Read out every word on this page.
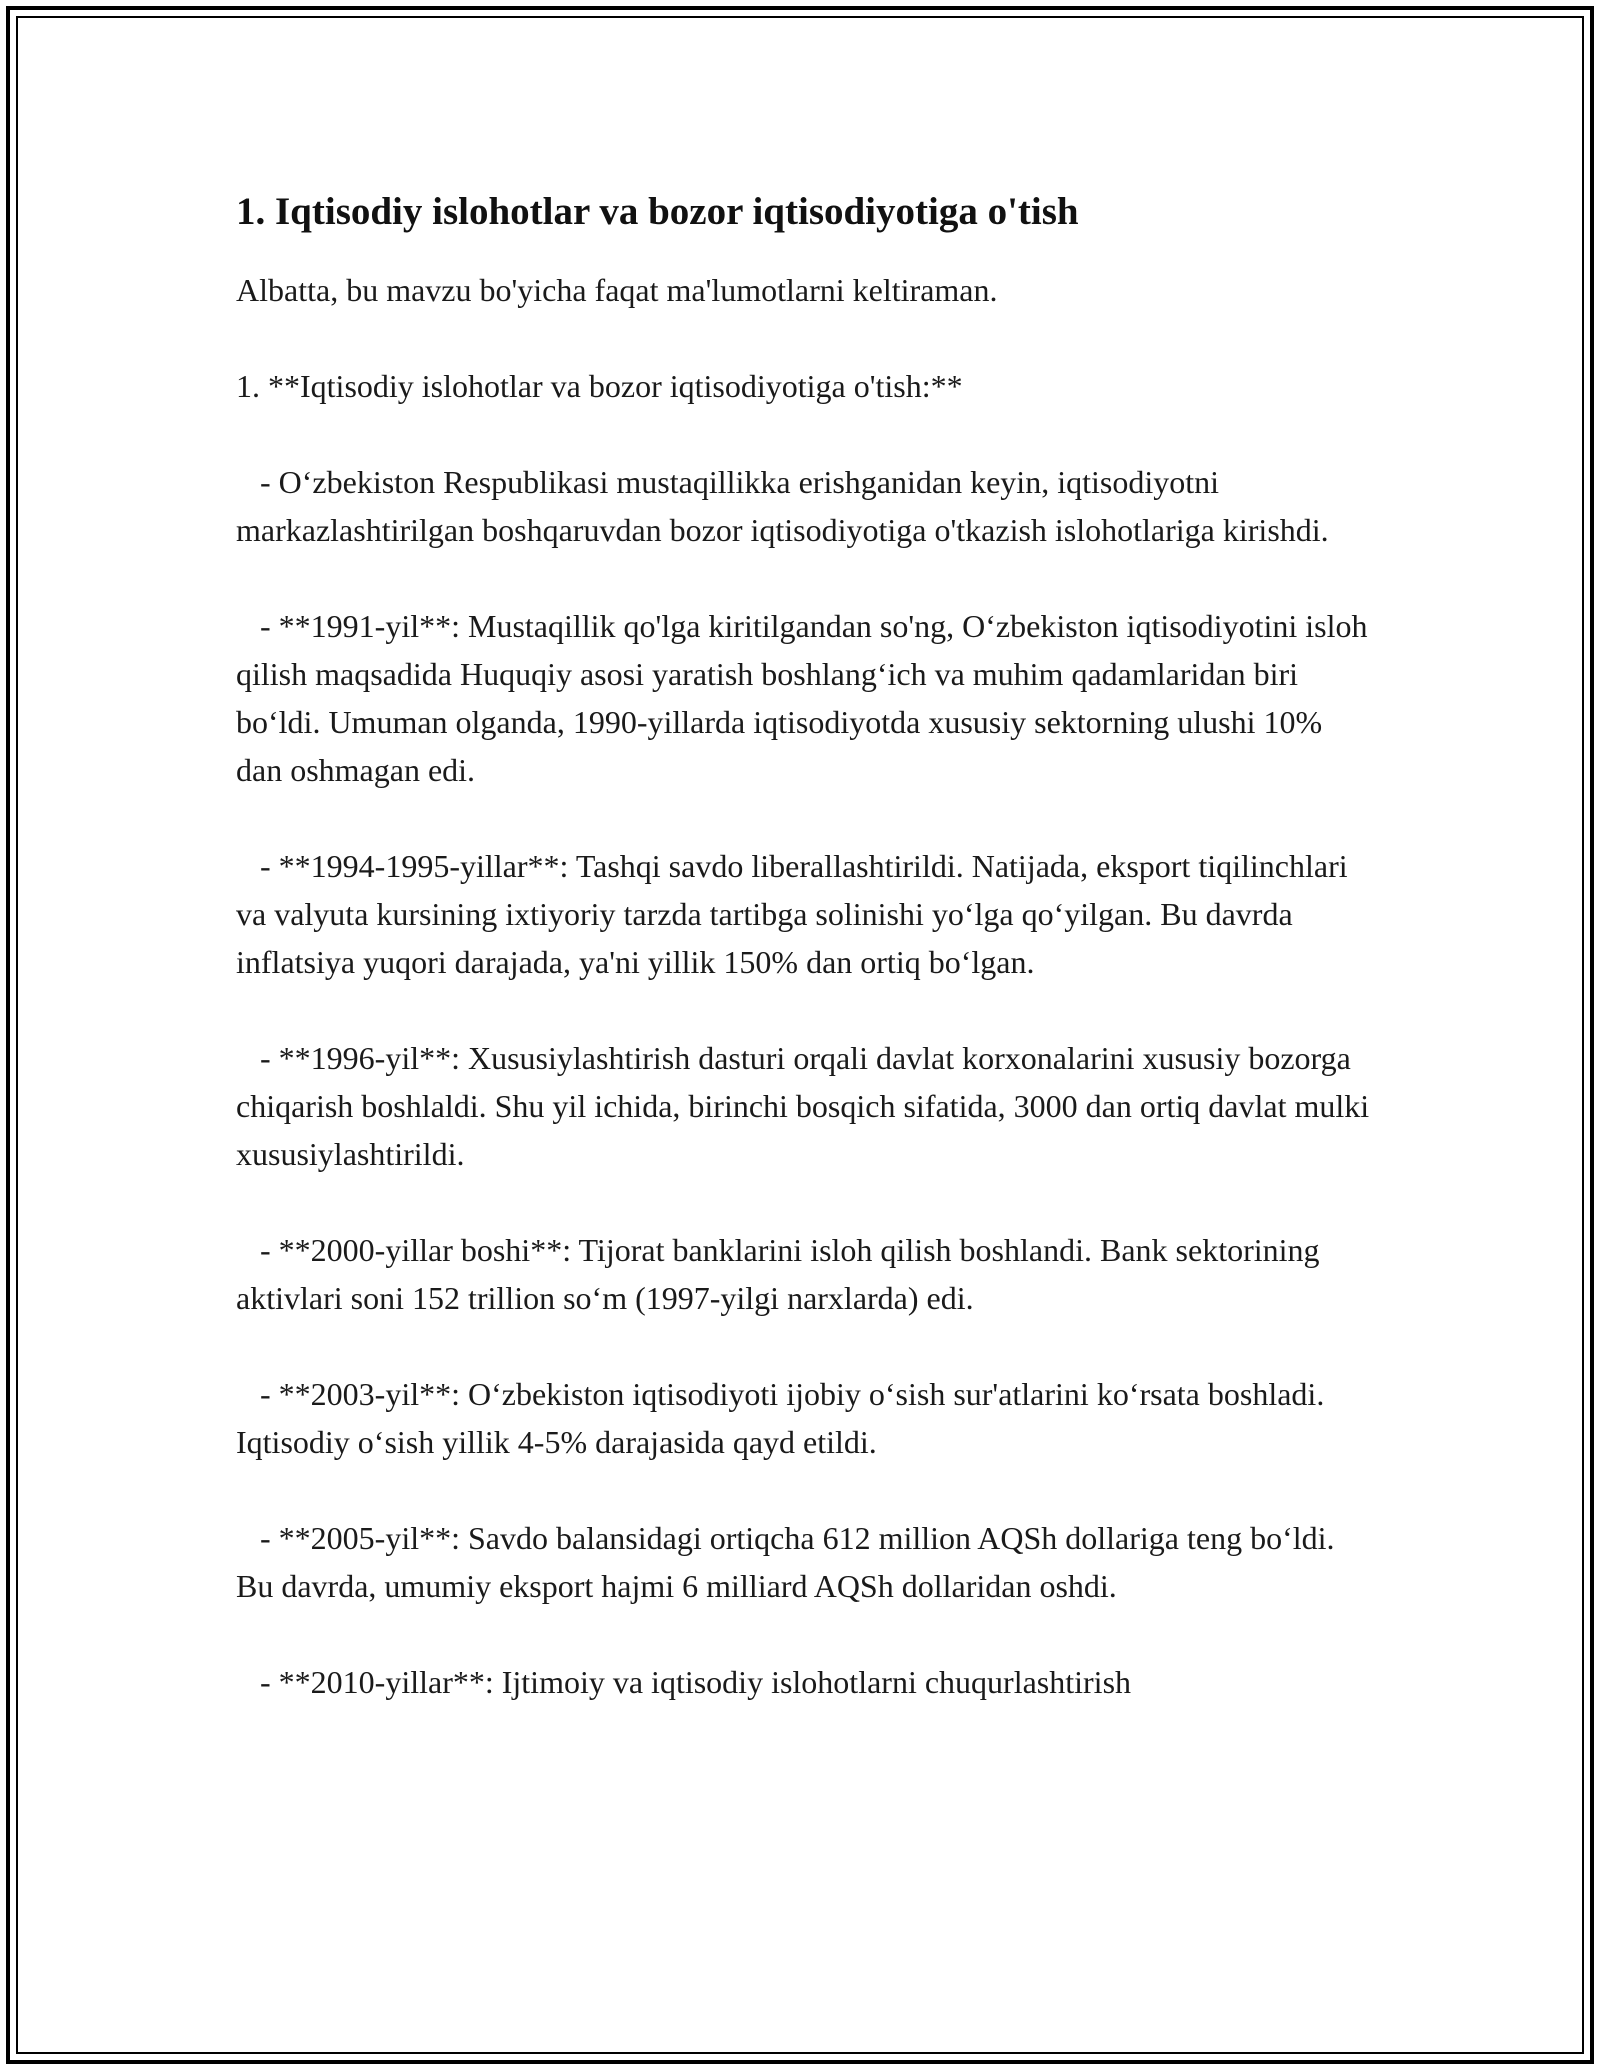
1. Iqtisodiy islohotlar va bozor iqtisodiyotiga o'tish

Albatta, bu mavzu bo'yicha faqat ma'lumotlarni keltiraman.

1. **Iqtisodiy islohotlar va bozor iqtisodiyotiga o'tish:**

- O‘zbekiston Respublikasi mustaqillikka erishganidan keyin, iqtisodiyotni markazlashtirilgan boshqaruvdan bozor iqtisodiyotiga o'tkazish islohotlariga kirishdi.

- **1991-yil**: Mustaqillik qo'lga kiritilgandan so'ng, O‘zbekiston iqtisodiyotini isloh qilish maqsadida Huquqiy asosi yaratish boshlang‘ich va muhim qadamlaridan biri bo‘ldi. Umuman olganda, 1990-yillarda iqtisodiyotda xususiy sektorning ulushi 10% dan oshmagan edi.

- **1994-1995-yillar**: Tashqi savdo liberallashtirildi. Natijada, eksport tiqilinchlari va valyuta kursining ixtiyoriy tarzda tartibga solinishi yo‘lga qo‘yilgan. Bu davrda inflatsiya yuqori darajada, ya'ni yillik 150% dan ortiq bo‘lgan.

- **1996-yil**: Xususiylashtirish dasturi orqali davlat korxonalarini xususiy bozorga chiqarish boshlaldi. Shu yil ichida, birinchi bosqich sifatida, 3000 dan ortiq davlat mulki xususiylashtirildi.

- **2000-yillar boshi**: Tijorat banklarini isloh qilish boshlandi. Bank sektorining aktivlari soni 152 trillion so‘m (1997-yilgi narxlarda) edi.

- **2003-yil**: O‘zbekiston iqtisodiyoti ijobiy o‘sish sur'atlarini ko‘rsata boshladi. Iqtisodiy o‘sish yillik 4-5% darajasida qayd etildi.

- **2005-yil**: Savdo balansidagi ortiqcha 612 million AQSh dollariga teng bo‘ldi. Bu davrda, umumiy eksport hajmi 6 milliard AQSh dollaridan oshdi.

- **2010-yillar**: Ijtimoiy va iqtisodiy islohotlarni chuqurlashtirish
